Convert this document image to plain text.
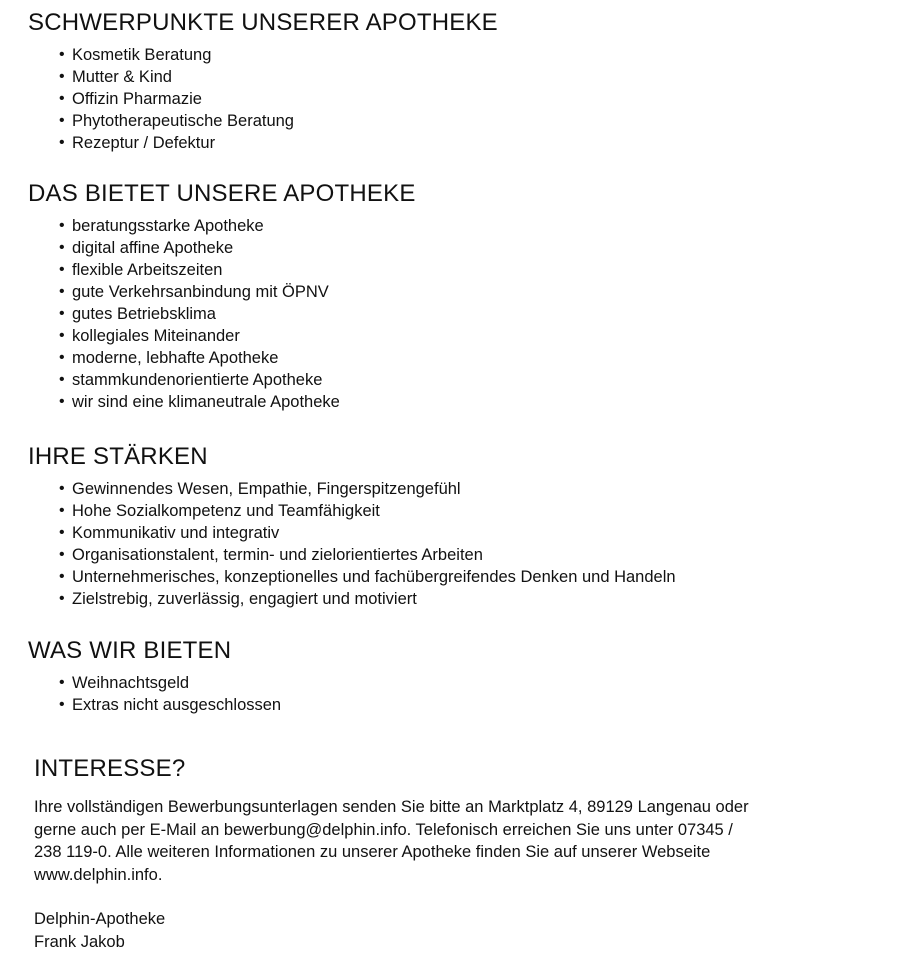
SCHWERPUNKTE UNSERER APOTHEKE
• Kosmetik Beratung
• Mutter & Kind
• Offizin Pharmazie
• Phytotherapeutische Beratung
• Rezeptur / Defektur
DAS BIETET UNSERE APOTHEKE
• beratungsstarke Apotheke
• digital affine Apotheke
• flexible Arbeitszeiten
• gute Verkehrsanbindung mit ÖPNV
• gutes Betriebsklima
• kollegiales Miteinander
• moderne, lebhafte Apotheke
• stammkundenorientierte Apotheke
• wir sind eine klimaneutrale Apotheke
IHRE STÄRKEN
• Gewinnendes Wesen, Empathie, Fingerspitzengefühl
• Hohe Sozialkompetenz und Teamfähigkeit
• Kommunikativ und integrativ
• Organisationstalent, termin- und zielorientiertes Arbeiten
• Unternehmerisches, konzeptionelles und fachübergreifendes Denken und Handeln
• Zielstrebig, zuverlässig, engagiert und motiviert
WAS WIR BIETEN
• Weihnachtsgeld
• Extras nicht ausgeschlossen
INTERESSE?

Ihre vollständigen Bewerbungsunterlagen senden Sie bitte an Marktplatz 4, 89129 Langenau oder
gerne auch per E-Mail an bewerbung@delphin.info. Telefonisch erreichen Sie uns unter 07345 /
238 119-0. Alle weiteren Informationen zu unserer Apotheke finden Sie auf unserer Webseite
www.delphin.info.

Delphin-Apotheke
Frank Jakob
